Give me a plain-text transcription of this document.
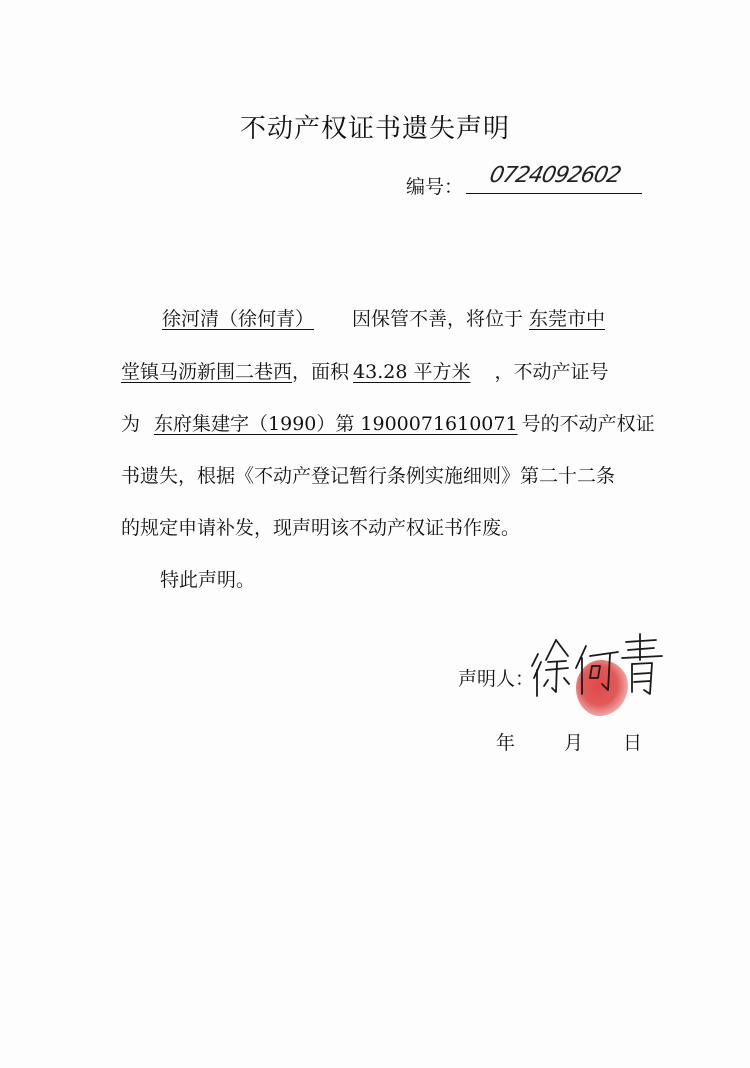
不动产权证书遗失声明
编号： 0724092602
徐河清（徐何青） 因保管不善，将位于 东莞市中
堂镇马沥新围二巷西，面积 43.28 平方米 ，不动产证号
为 东府集建字（1990）第 1900071610071 号的不动产权证
书遗失，根据《不动产登记暂行条例实施细则》第二十二条
的规定申请补发，现声明该不动产权证书作废。
特此声明。
声明人：
年	月 日
